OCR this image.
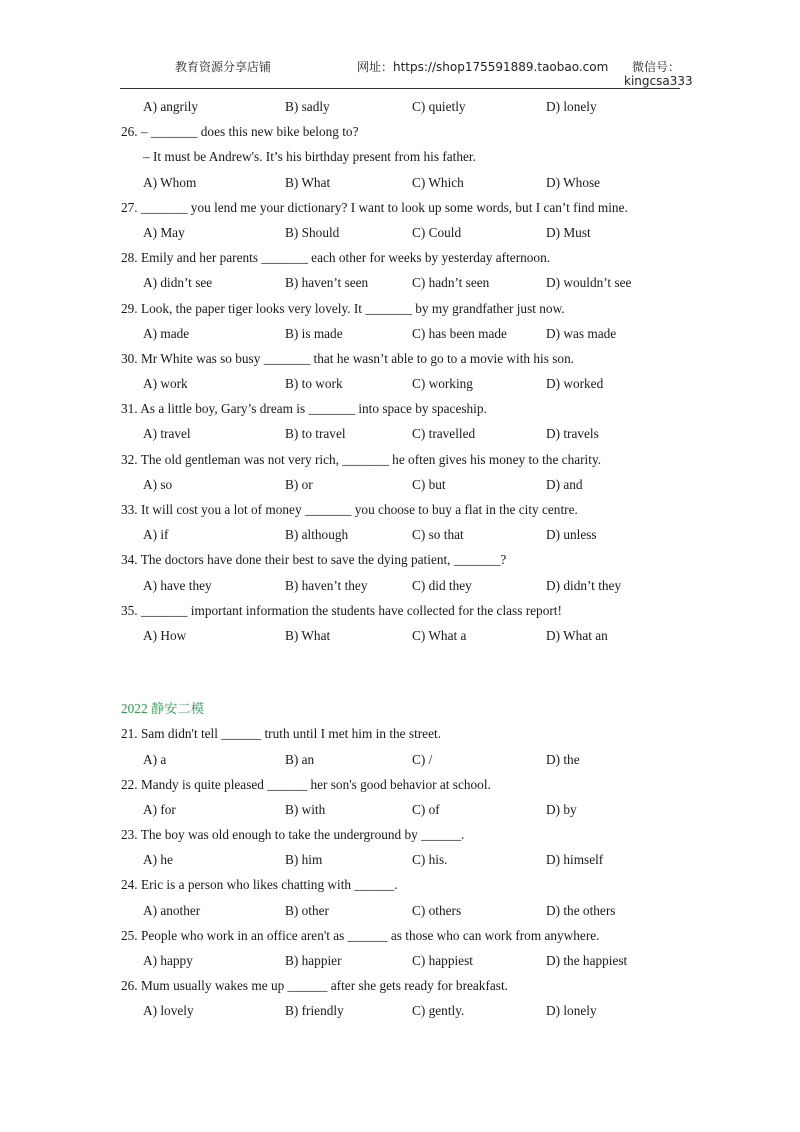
教育资源分享店铺	网址：https://shop175591889.taobao.com 微信号：
kingcsa333
A) angrily	B) sadly	C) quietly	D) lonely
26. – _______ does this new bike belong to?
– It must be Andrew's. It’s his birthday present from his father.
A) Whom	B) What	C) Which	D) Whose
27. _______ you lend me your dictionary? I want to look up some words, but I can’t find mine.
A) May	B) Should	C) Could	D) Must
28. Emily and her parents _______ each other for weeks by yesterday afternoon.
A) didn’t see	B) haven’t seen	C) hadn’t seen	D) wouldn’t see
29. Look, the paper tiger looks very lovely. It _______ by my grandfather just now.
A) made	B) is made	C) has been made	D) was made
30. Mr White was so busy _______ that he wasn’t able to go to a movie with his son.
A) work	B) to work	C) working	D) worked
31. As a little boy, Gary’s dream is _______ into space by spaceship.
A) travel	B) to travel	C) travelled	D) travels
32. The old gentleman was not very rich, _______ he often gives his money to the charity.
A) so	B) or	C) but	D) and
33. It will cost you a lot of money _______ you choose to buy a flat in the city centre.
A) if	B) although	C) so that	D) unless
34. The doctors have done their best to save the dying patient, _______?
A) have they	B) haven’t they	C) did they	D) didn’t they
35. _______ important information the students have collected for the class report!
A) How	B) What	C) What a	D) What an
2022 静安二模
21. Sam didn't tell ______ truth until I met him in the street.
A) a	B) an	C) /	D) the
22. Mandy is quite pleased ______ her son's good behavior at school.
A) for	B) with	C) of	D) by
23. The boy was old enough to take the underground by ______.
A) he	B) him	C) his.	D) himself
24. Eric is a person who likes chatting with ______.
A) another	B) other	C) others	D) the others
25. People who work in an office aren't as ______ as those who can work from anywhere.
A) happy	B) happier	C) happiest	D) the happiest
26. Mum usually wakes me up ______ after she gets ready for breakfast.
A) lovely	B) friendly	C) gently.	D) lonely
